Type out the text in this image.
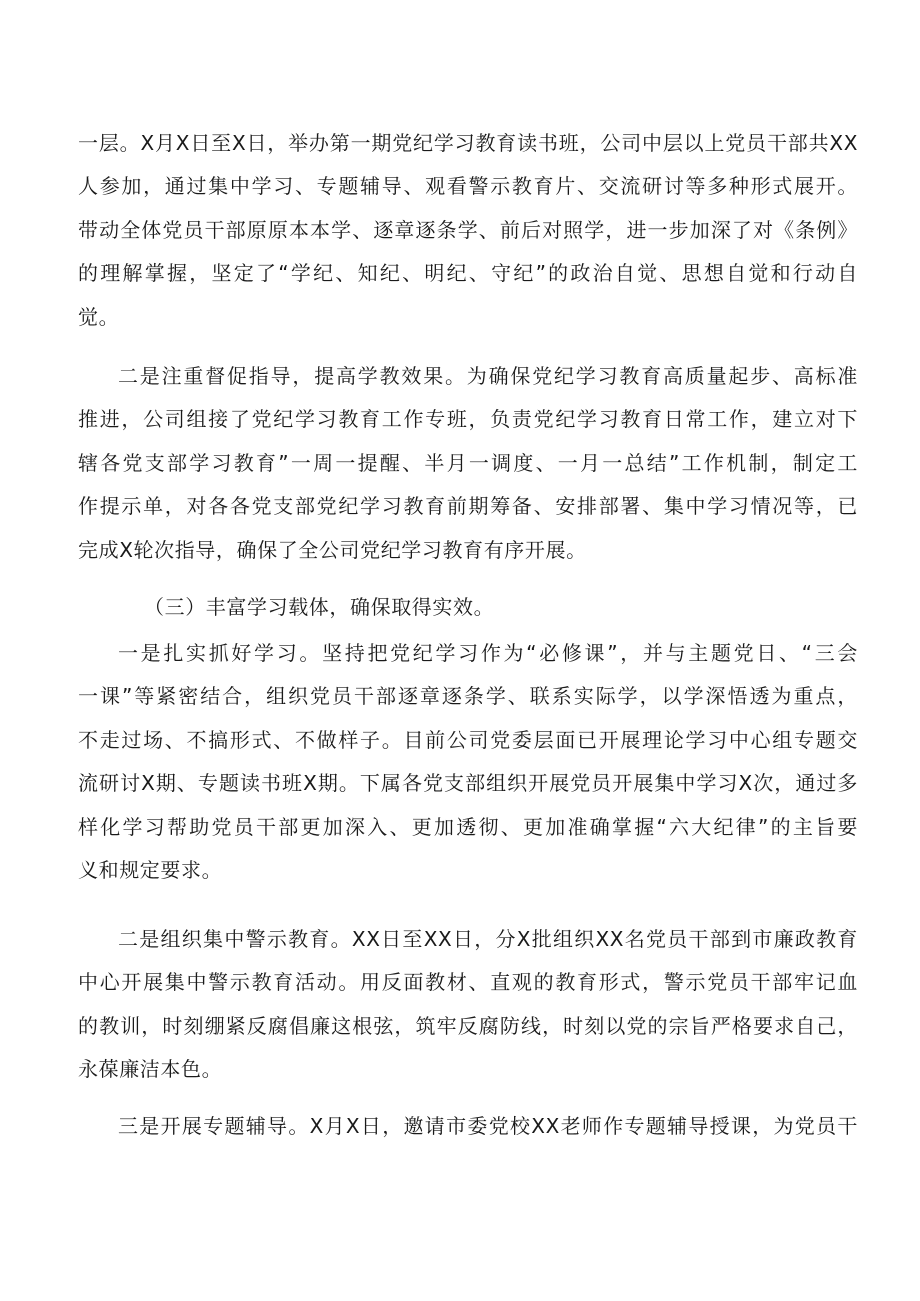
一层。X月X日至X日，举办第一期党纪学习教育读书班，公司中层以上党员干部共XX
人参加，通过集中学习、专题辅导、观看警示教育片、交流研讨等多种形式展开。
带动全体党员干部原原本本学、逐章逐条学、前后对照学，进一步加深了对《条例》
的理解掌握，坚定了“学纪、知纪、明纪、守纪”的政治自觉、思想自觉和行动自
觉。
二是注重督促指导，提高学教效果。为确保党纪学习教育高质量起步、高标准
推进，公司组接了党纪学习教育工作专班，负责党纪学习教育日常工作，建立对下
辖各党支部学习教育”一周一提醒、半月一调度、一月一总结”工作机制，制定工
作提示单，对各各党支部党纪学习教育前期筹备、安排部署、集中学习情况等，已
完成X轮次指导，确保了全公司党纪学习教育有序开展。
（三）丰富学习载体，确保取得实效。
一是扎实抓好学习。坚持把党纪学习作为“必修课”，并与主题党日、“三会
一课”等紧密结合，组织党员干部逐章逐条学、联系实际学，以学深悟透为重点，
不走过场、不搞形式、不做样子。目前公司党委层面已开展理论学习中心组专题交
流研讨X期、专题读书班X期。下属各党支部组织开展党员开展集中学习X次，通过多
样化学习帮助党员干部更加深入、更加透彻、更加准确掌握“六大纪律”的主旨要
义和规定要求。
二是组织集中警示教育。XX日至XX日，分X批组织XX名党员干部到市廉政教育
中心开展集中警示教育活动。用反面教材、直观的教育形式，警示党员干部牢记血
的教训，时刻绷紧反腐倡廉这根弦，筑牢反腐防线，时刻以党的宗旨严格要求自己，
永葆廉洁本色。
三是开展专题辅导。X月X日，邀请市委党校XX老师作专题辅导授课，为党员干
